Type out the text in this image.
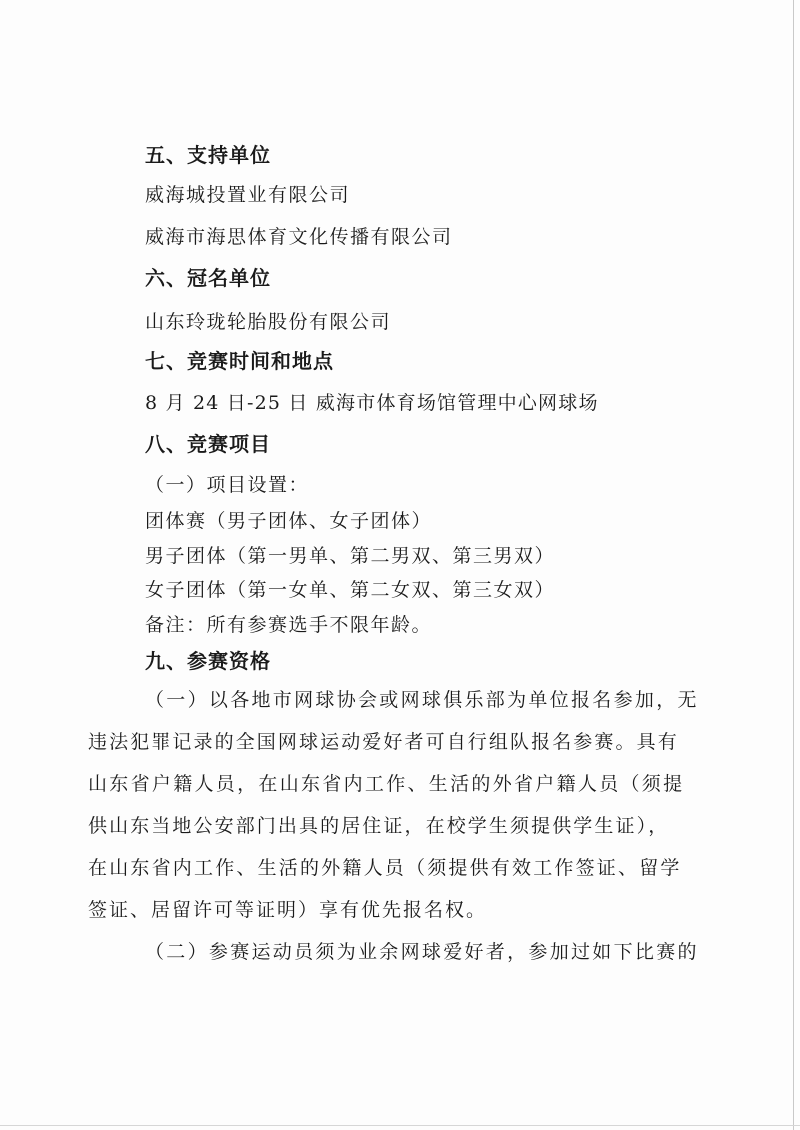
五、支持单位
威海城投置业有限公司
威海市海思体育文化传播有限公司
六、冠名单位
山东玲珑轮胎股份有限公司
七、竞赛时间和地点
8 月 24 日-25 日 威海市体育场馆管理中心网球场
八、竞赛项目
（一）项目设置：
团体赛（男子团体、女子团体）
男子团体（第一男单、第二男双、第三男双）
女子团体（第一女单、第二女双、第三女双）
备注：所有参赛选手不限年龄。
九、参赛资格
（一）以各地市网球协会或网球俱乐部为单位报名参加，无
违法犯罪记录的全国网球运动爱好者可自行组队报名参赛。具有
山东省户籍人员，在山东省内工作、生活的外省户籍人员（须提
供山东当地公安部门出具的居住证，在校学生须提供学生证），
在山东省内工作、生活的外籍人员（须提供有效工作签证、留学
签证、居留许可等证明）享有优先报名权。
（二）参赛运动员须为业余网球爱好者，参加过如下比赛的
